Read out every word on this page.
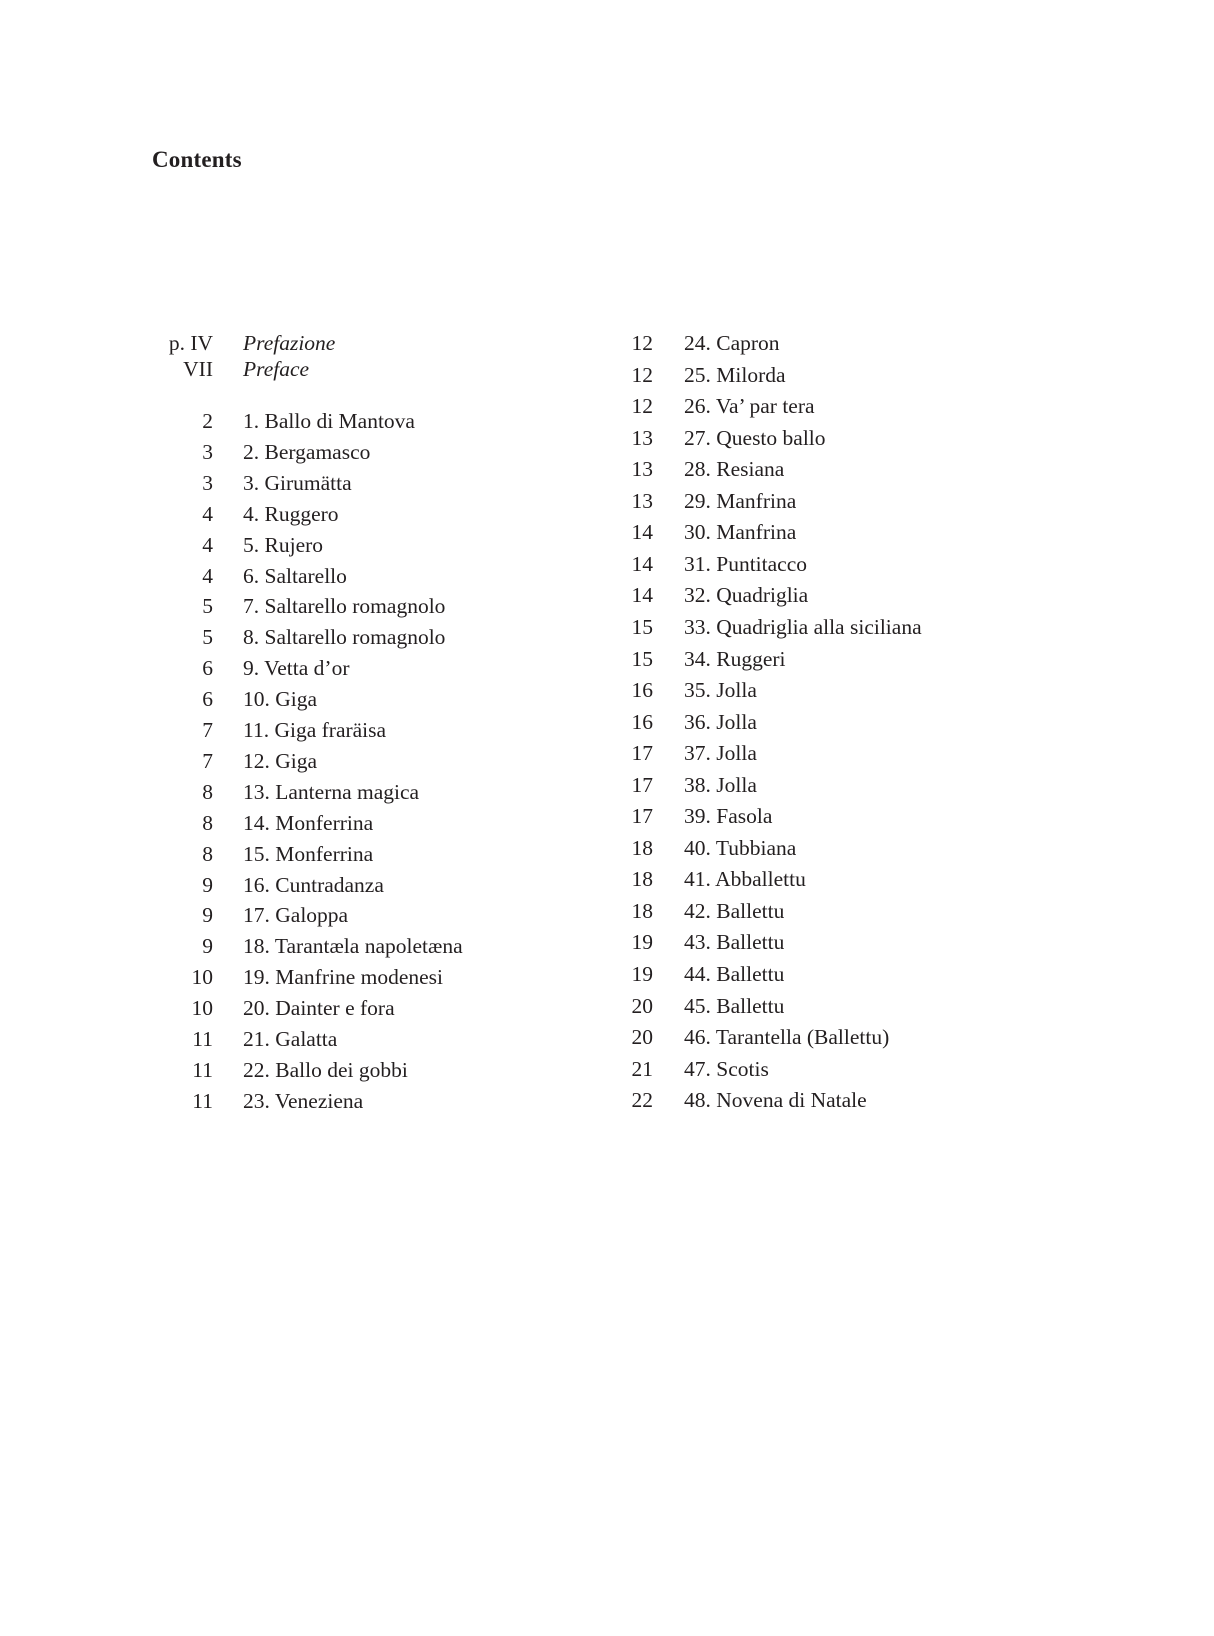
Contents
p. IV Prefazione
VII Preface
2 1. Ballo di Mantova
3 2. Bergamasco
3 3. Girumätta
4 4. Ruggero
4 5. Rujero
4 6. Saltarello
5 7. Saltarello romagnolo
5 8. Saltarello romagnolo
6 9. Vetta d’or
6 10. Giga
7 11. Giga fraräisa
7 12. Giga
8 13. Lanterna magica
8 14. Monferrina
8 15. Monferrina
9 16. Cuntradanza
9 17. Galoppa
9 18. Tarantæla napoletæna
10 19. Manfrine modenesi
10 20. Dainter e fora
11 21. Galatta
11 22. Ballo dei gobbi
11 23. Veneziena
12 24. Capron
12 25. Milorda
12 26. Va’ par tera
13 27. Questo ballo
13 28. Resiana
13 29. Manfrina
14 30. Manfrina
14 31. Puntitacco
14 32. Quadriglia
15 33. Quadriglia alla siciliana
15 34. Ruggeri
16 35. Jolla
16 36. Jolla
17 37. Jolla
17 38. Jolla
17 39. Fasola
18 40. Tubbiana
18 41. Abballettu
18 42. Ballettu
19 43. Ballettu
19 44. Ballettu
20 45. Ballettu
20 46. Tarantella (Ballettu)
21 47. Scotis
22 48. Novena di Natale
